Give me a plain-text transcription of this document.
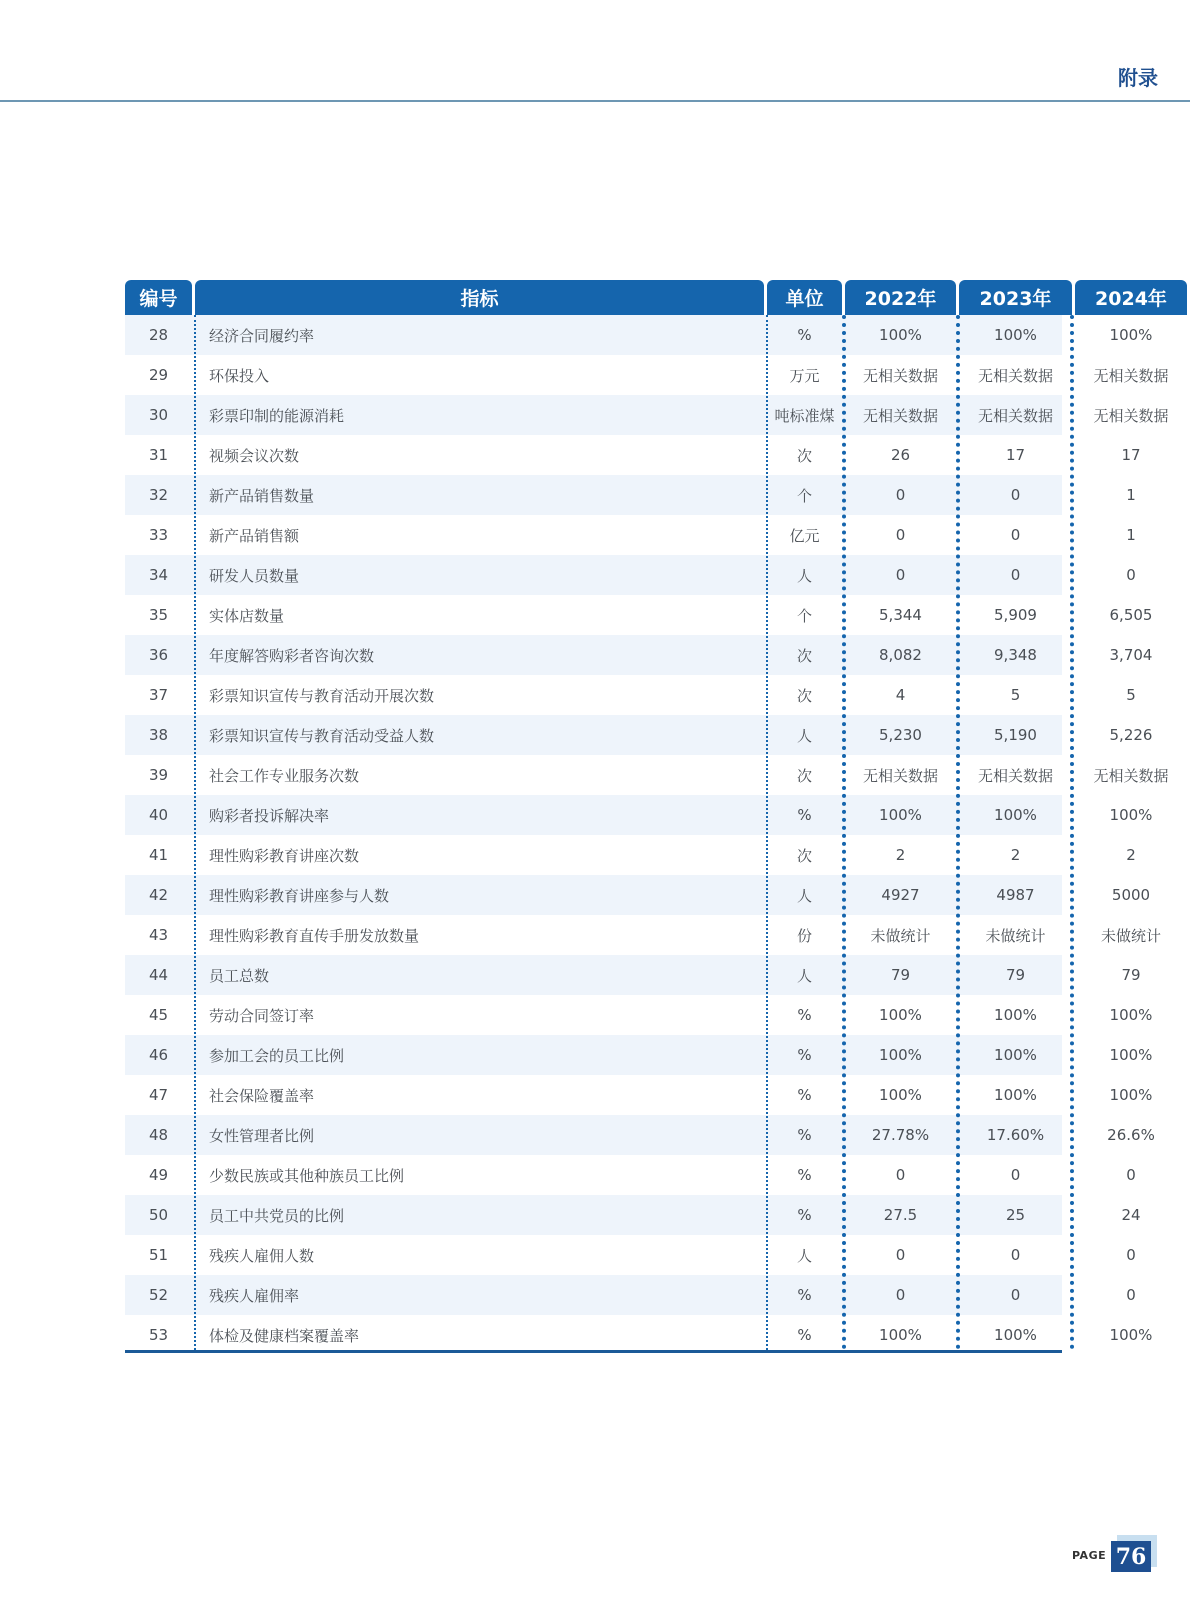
附录
编号	指标	单位	2022年	2023年	2024年
28	经济合同履约率	%	100%	100%	100%
29	环保投入	万元	无相关数据	无相关数据	无相关数据
30	彩票印制的能源消耗	吨标准煤	无相关数据	无相关数据	无相关数据
31	视频会议次数	次	26	17	17
32	新产品销售数量	个	0	0	1
33	新产品销售额	亿元	0	0	1
34	研发人员数量	人	0	0	0
35	实体店数量	个	5,344	5,909	6,505
36	年度解答购彩者咨询次数	次	8,082	9,348	3,704
37	彩票知识宣传与教育活动开展次数	次	4	5	5
38	彩票知识宣传与教育活动受益人数	人	5,230	5,190	5,226
39	社会工作专业服务次数	次	无相关数据	无相关数据	无相关数据
40	购彩者投诉解决率	%	100%	100%	100%
41	理性购彩教育讲座次数	次	2	2	2
42	理性购彩教育讲座参与人数	人	4927	4987	5000
43	理性购彩教育直传手册发放数量	份	未做统计	未做统计	未做统计
44	员工总数	人	79	79	79
45	劳动合同签订率	%	100%	100%	100%
46	参加工会的员工比例	%	100%	100%	100%
47	社会保险覆盖率	%	100%	100%	100%
48	女性管理者比例	%	27.78%	17.60%	26.6%
49	少数民族或其他种族员工比例	%	0	0	0
50	员工中共党员的比例	%	27.5	25	24
51	残疾人雇佣人数	人	0	0	0
52	残疾人雇佣率	%	0	0	0
53	体检及健康档案覆盖率	%	100%	100%	100%
PAGE 76
